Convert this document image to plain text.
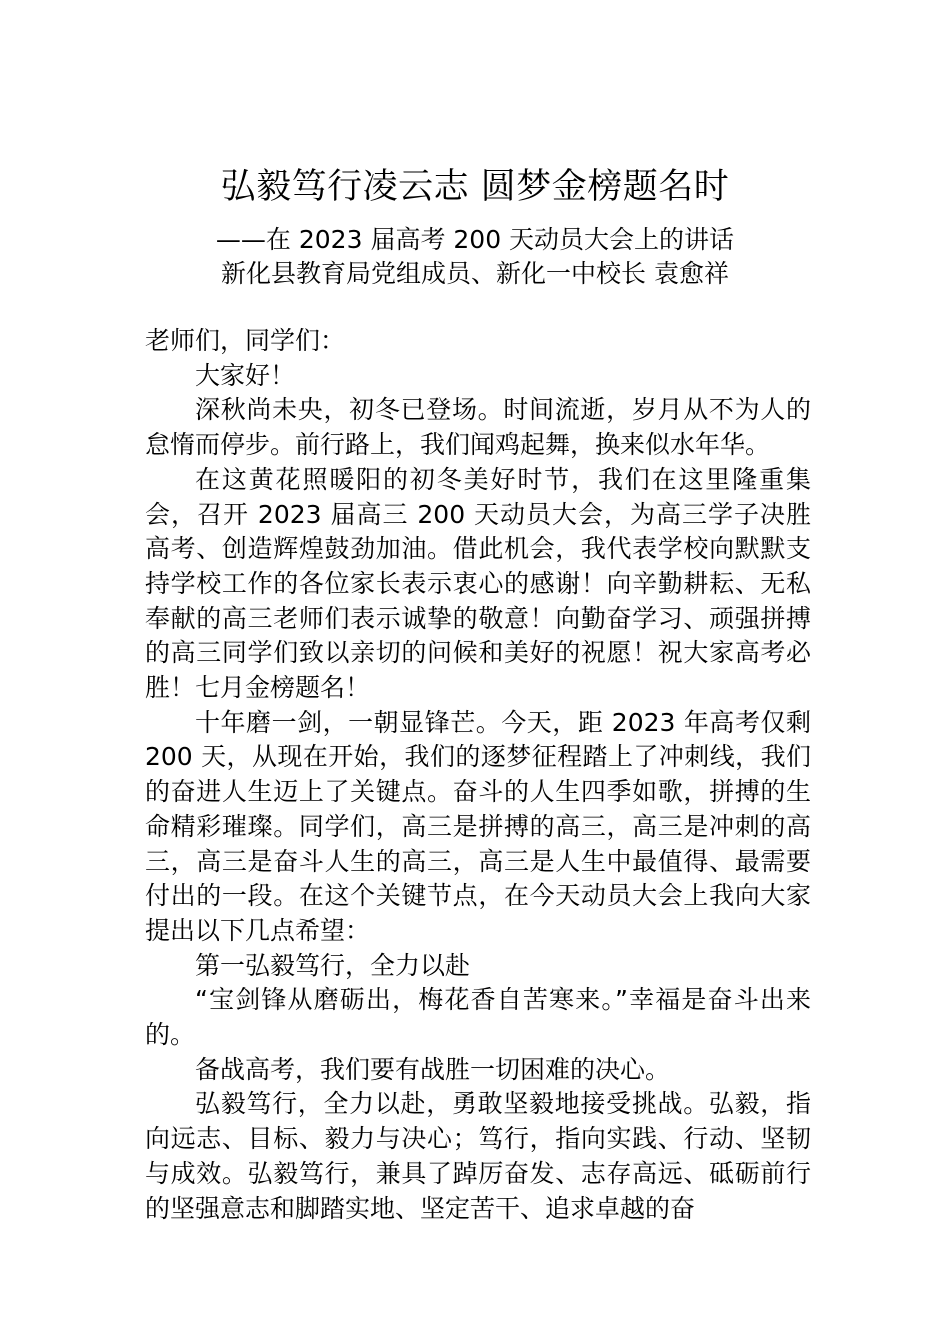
弘毅笃行凌云志 圆梦金榜题名时
——在 2023 届高考 200 天动员大会上的讲话
新化县教育局党组成员、新化一中校长 袁愈祥

老师们，同学们：

大家好！

深秋尚未央，初冬已登场。时间流逝，岁月从不为人的怠惰而停步。前行路上，我们闻鸡起舞，换来似水年华。

在这黄花照暖阳的初冬美好时节，我们在这里隆重集会，召开 2023 届高三 200 天动员大会，为高三学子决胜高考、创造辉煌鼓劲加油。借此机会，我代表学校向默默支持学校工作的各位家长表示衷心的感谢！向辛勤耕耘、无私奉献的高三老师们表示诚挚的敬意！向勤奋学习、顽强拼搏的高三同学们致以亲切的问候和美好的祝愿！祝大家高考必胜！七月金榜题名！

十年磨一剑，一朝显锋芒。今天，距 2023 年高考仅剩 200 天，从现在开始，我们的逐梦征程踏上了冲刺线，我们的奋进人生迈上了关键点。奋斗的人生四季如歌，拼搏的生命精彩璀璨。同学们，高三是拼搏的高三，高三是冲刺的高三，高三是奋斗人生的高三，高三是人生中最值得、最需要付出的一段。在这个关键节点，在今天动员大会上我向大家提出以下几点希望：

第一弘毅笃行，全力以赴

“宝剑锋从磨砺出，梅花香自苦寒来。”幸福是奋斗出来的。

备战高考，我们要有战胜一切困难的决心。

弘毅笃行，全力以赴，勇敢坚毅地接受挑战。弘毅，指向远志、目标、毅力与决心；笃行，指向实践、行动、坚韧与成效。弘毅笃行，兼具了踔厉奋发、志存高远、砥砺前行的坚强意志和脚踏实地、坚定苦干、追求卓越的奋
